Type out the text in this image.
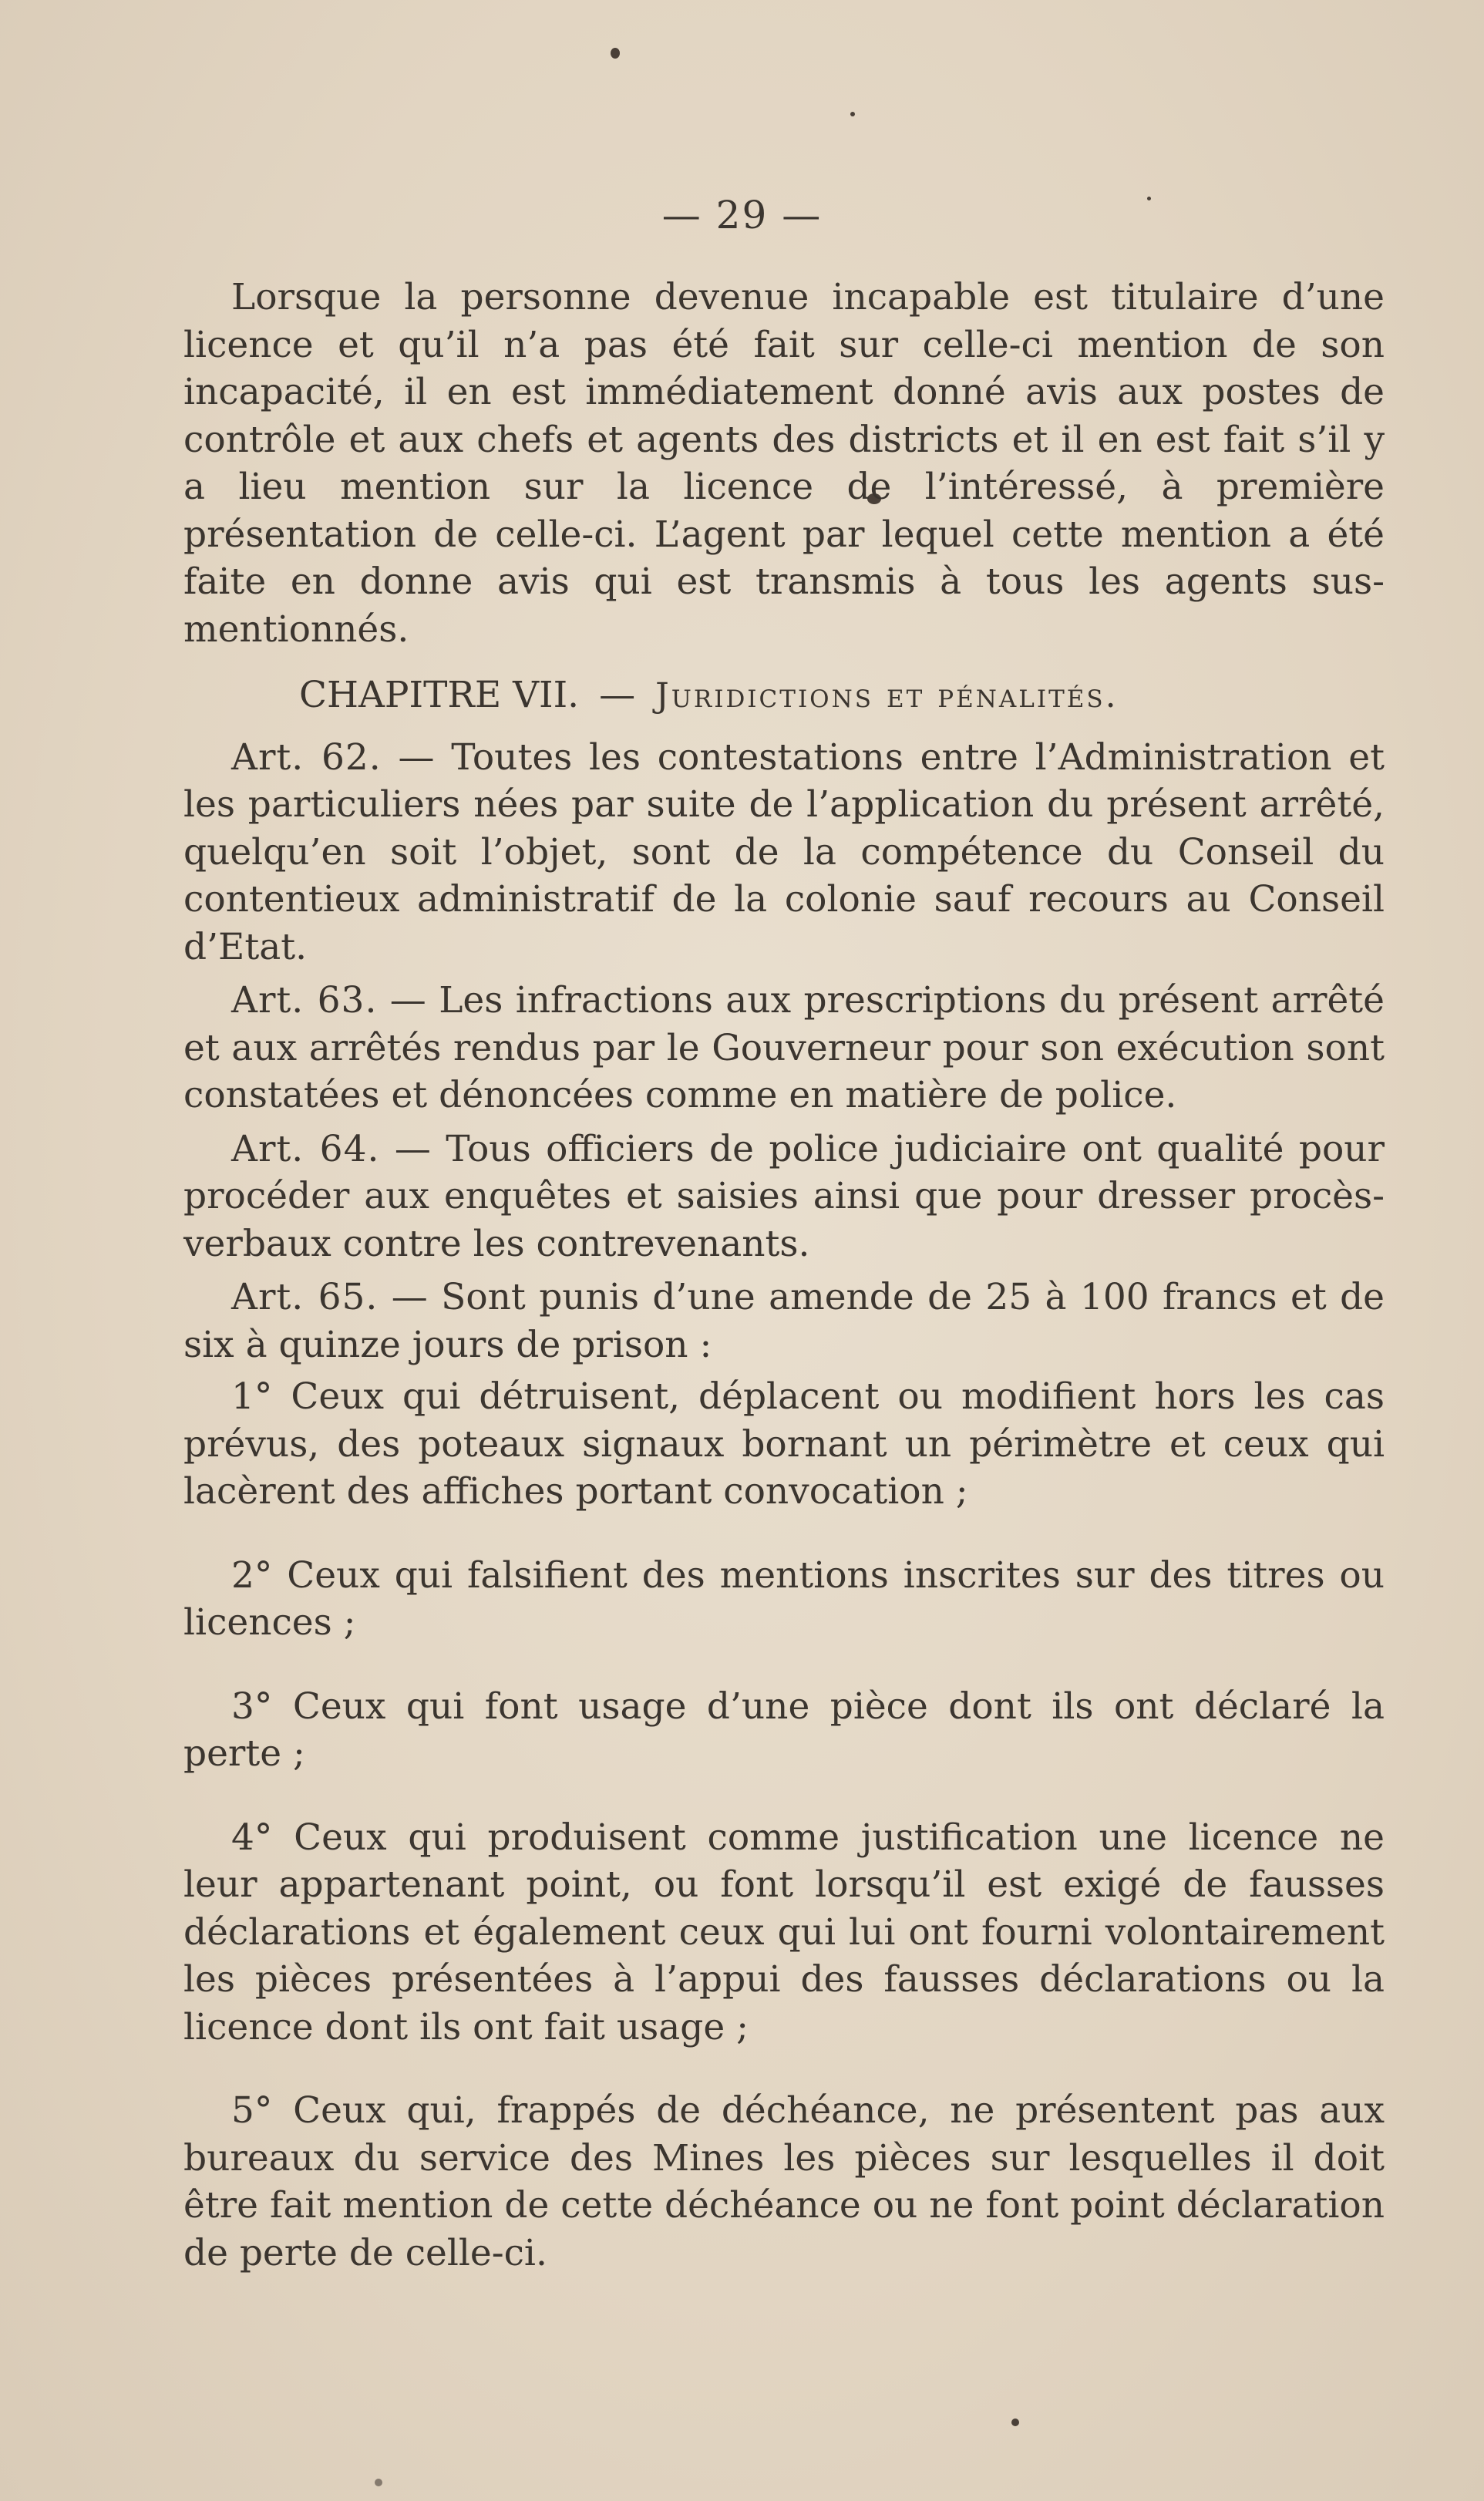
— 29 —

Lorsque la personne devenue incapable est titulaire d’une licence et qu’il n’a pas été fait sur celle-ci mention de son incapacité, il en est immédiatement donné avis aux postes de contrôle et aux chefs et agents des districts et il en est fait s’il y a lieu mention sur la licence de l’intéressé, à première présentation de celle-ci. L’agent par lequel cette mention a été faite en donne avis qui est transmis à tous les agents sus-mentionnés.

CHAPITRE VII. — Juridictions et pénalités.

Art. 62. — Toutes les contestations entre l’Administration et les particuliers nées par suite de l’application du présent arrêté, quelqu’en soit l’objet, sont de la compétence du Conseil du contentieux administratif de la colonie sauf recours au Conseil d’Etat.

Art. 63. — Les infractions aux prescriptions du présent arrêté et aux arrêtés rendus par le Gouverneur pour son exécution sont constatées et dénoncées comme en matière de police.

Art. 64. — Tous officiers de police judiciaire ont qualité pour procéder aux enquêtes et saisies ainsi que pour dresser procès-verbaux contre les contrevenants.

Art. 65. — Sont punis d’une amende de 25 à 100 francs et de six à quinze jours de prison :

1° Ceux qui détruisent, déplacent ou modifient hors les cas prévus, des poteaux signaux bornant un périmètre et ceux qui lacèrent des affiches portant convocation ;

2° Ceux qui falsifient des mentions inscrites sur des titres ou licences ;

3° Ceux qui font usage d’une pièce dont ils ont déclaré la perte ;

4° Ceux qui produisent comme justification une licence ne leur appartenant point, ou font lorsqu’il est exigé de fausses déclarations et également ceux qui lui ont fourni volontairement les pièces présentées à l’appui des fausses déclarations ou la licence dont ils ont fait usage ;

5° Ceux qui, frappés de déchéance, ne présentent pas aux bureaux du service des Mines les pièces sur lesquelles il doit être fait mention de cette déchéance ou ne font point déclaration de perte de celle-ci.
